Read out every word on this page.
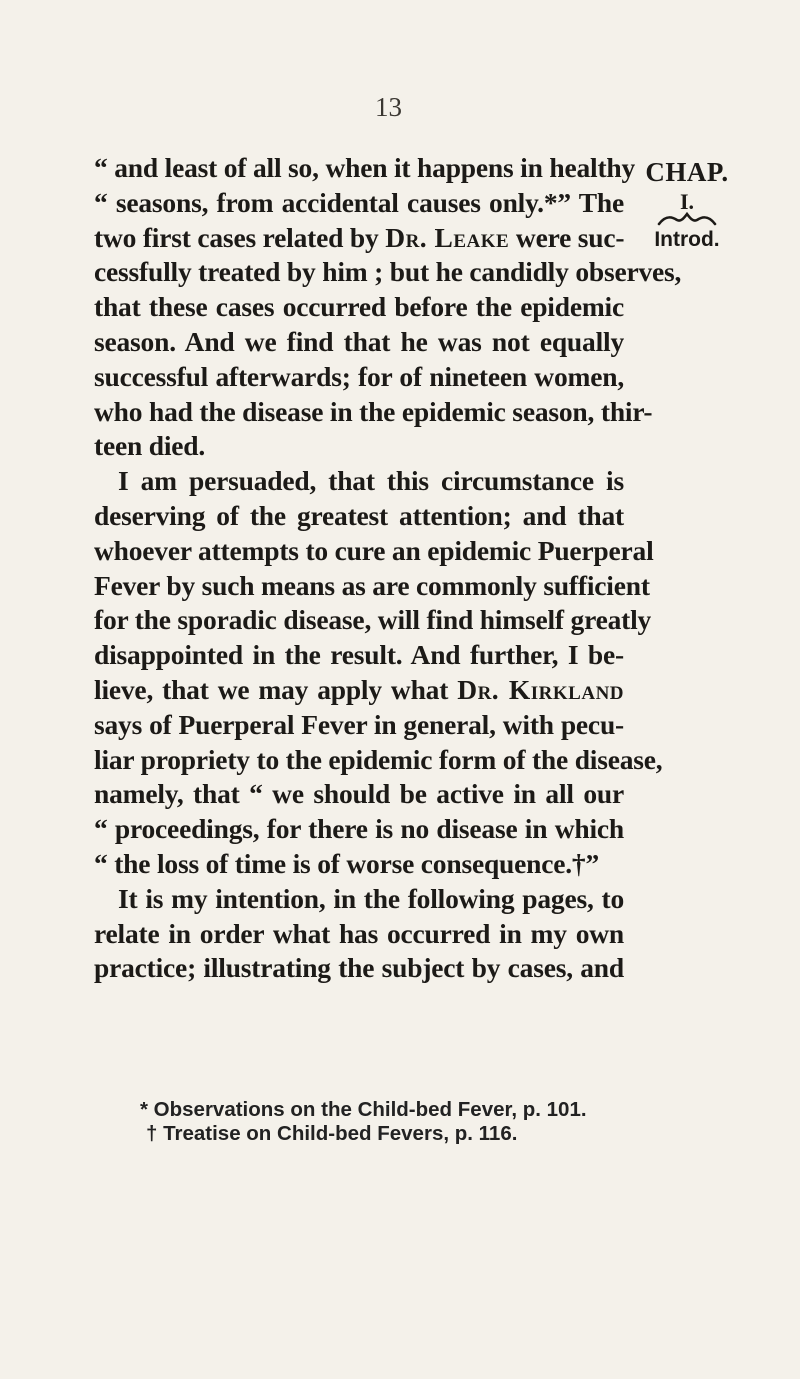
13
“ and least of all so, when it happens in healthy
“ seasons, from accidental causes only.*” The
two first cases related by Dr. Leake were suc-
cessfully treated by him ; but he candidly observes,
that these cases occurred before the epidemic
season. And we find that he was not equally
successful afterwards; for of nineteen women,
who had the disease in the epidemic season, thir-
teen died.
I am persuaded, that this circumstance is
deserving of the greatest attention; and that
whoever attempts to cure an epidemic Puerperal
Fever by such means as are commonly sufficient
for the sporadic disease, will find himself greatly
disappointed in the result. And further, I be-
lieve, that we may apply what Dr. Kirkland
says of Puerperal Fever in general, with pecu-
liar propriety to the epidemic form of the disease,
namely, that “ we should be active in all our
“ proceedings, for there is no disease in which
“ the loss of time is of worse consequence.†”
It is my intention, in the following pages, to
relate in order what has occurred in my own
practice; illustrating the subject by cases, and
CHAP.
I.
Introd.
* Observations on the Child-bed Fever, p. 101.
† Treatise on Child-bed Fevers, p. 116.
